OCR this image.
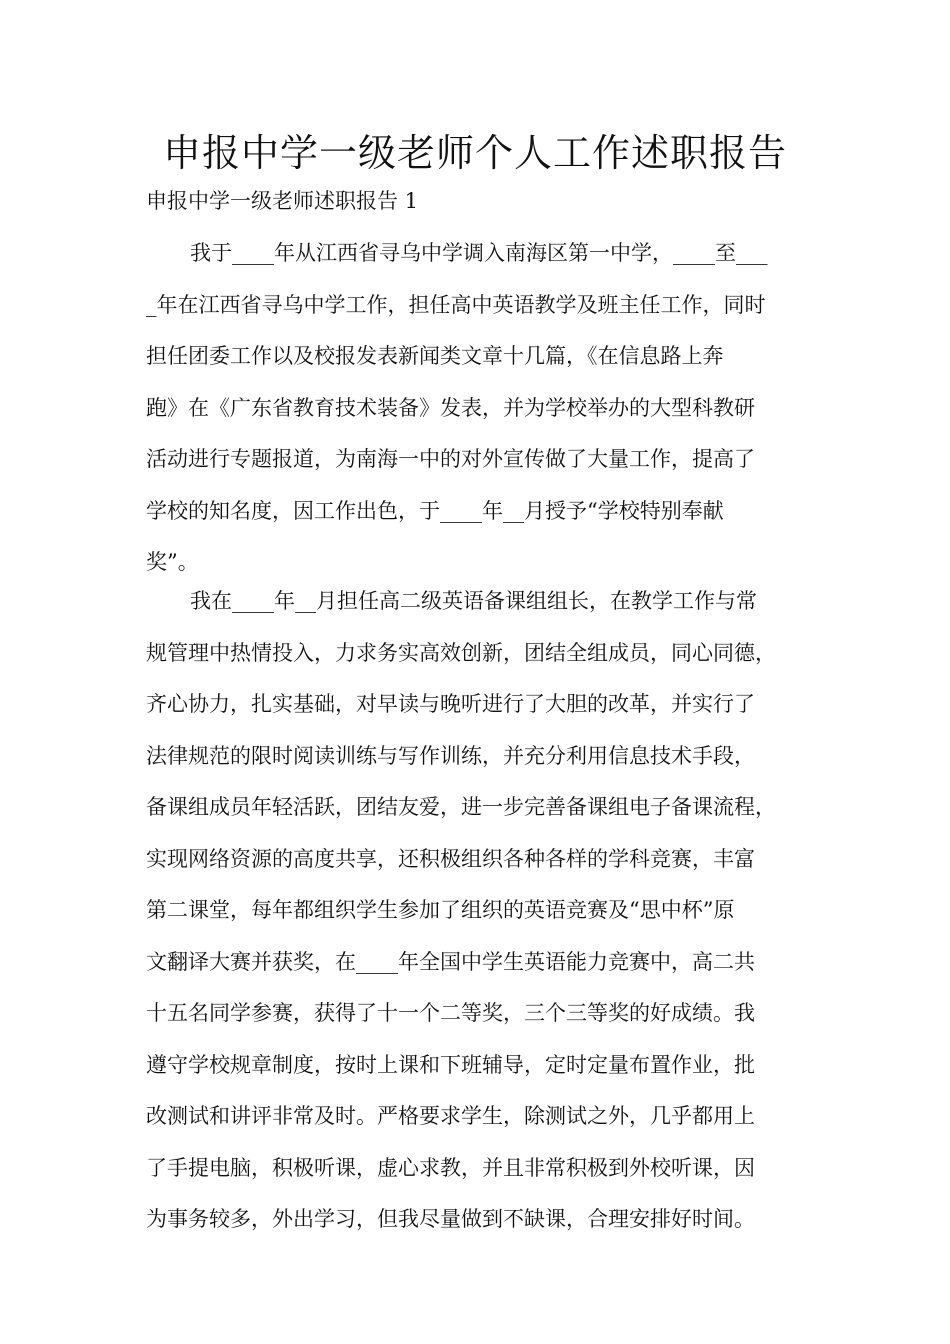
申报中学一级老师个人工作述职报告
申报中学一级老师述职报告 1
我于____年从江西省寻乌中学调入南海区第一中学，____至___
_年在江西省寻乌中学工作，担任高中英语教学及班主任工作，同时
担任团委工作以及校报发表新闻类文章十几篇，《在信息路上奔
跑》在《广东省教育技术装备》发表，并为学校举办的大型科教研
活动进行专题报道，为南海一中的对外宣传做了大量工作，提高了
学校的知名度，因工作出色，于____年__月授予“学校特别奉献
奖”。
我在____年__月担任高二级英语备课组组长，在教学工作与常
规管理中热情投入，力求务实高效创新，团结全组成员，同心同德，
齐心协力，扎实基础，对早读与晚听进行了大胆的改革，并实行了
法律规范的限时阅读训练与写作训练，并充分利用信息技术手段，
备课组成员年轻活跃，团结友爱，进一步完善备课组电子备课流程，
实现网络资源的高度共享，还积极组织各种各样的学科竞赛，丰富
第二课堂，每年都组织学生参加了组织的英语竞赛及“思中杯”原
文翻译大赛并获奖，在____年全国中学生英语能力竞赛中，高二共
十五名同学参赛，获得了十一个二等奖，三个三等奖的好成绩。我
遵守学校规章制度，按时上课和下班辅导，定时定量布置作业，批
改测试和讲评非常及时。严格要求学生，除测试之外，几乎都用上
了手提电脑，积极听课，虚心求教，并且非常积极到外校听课，因
为事务较多，外出学习，但我尽量做到不缺课，合理安排好时间。
